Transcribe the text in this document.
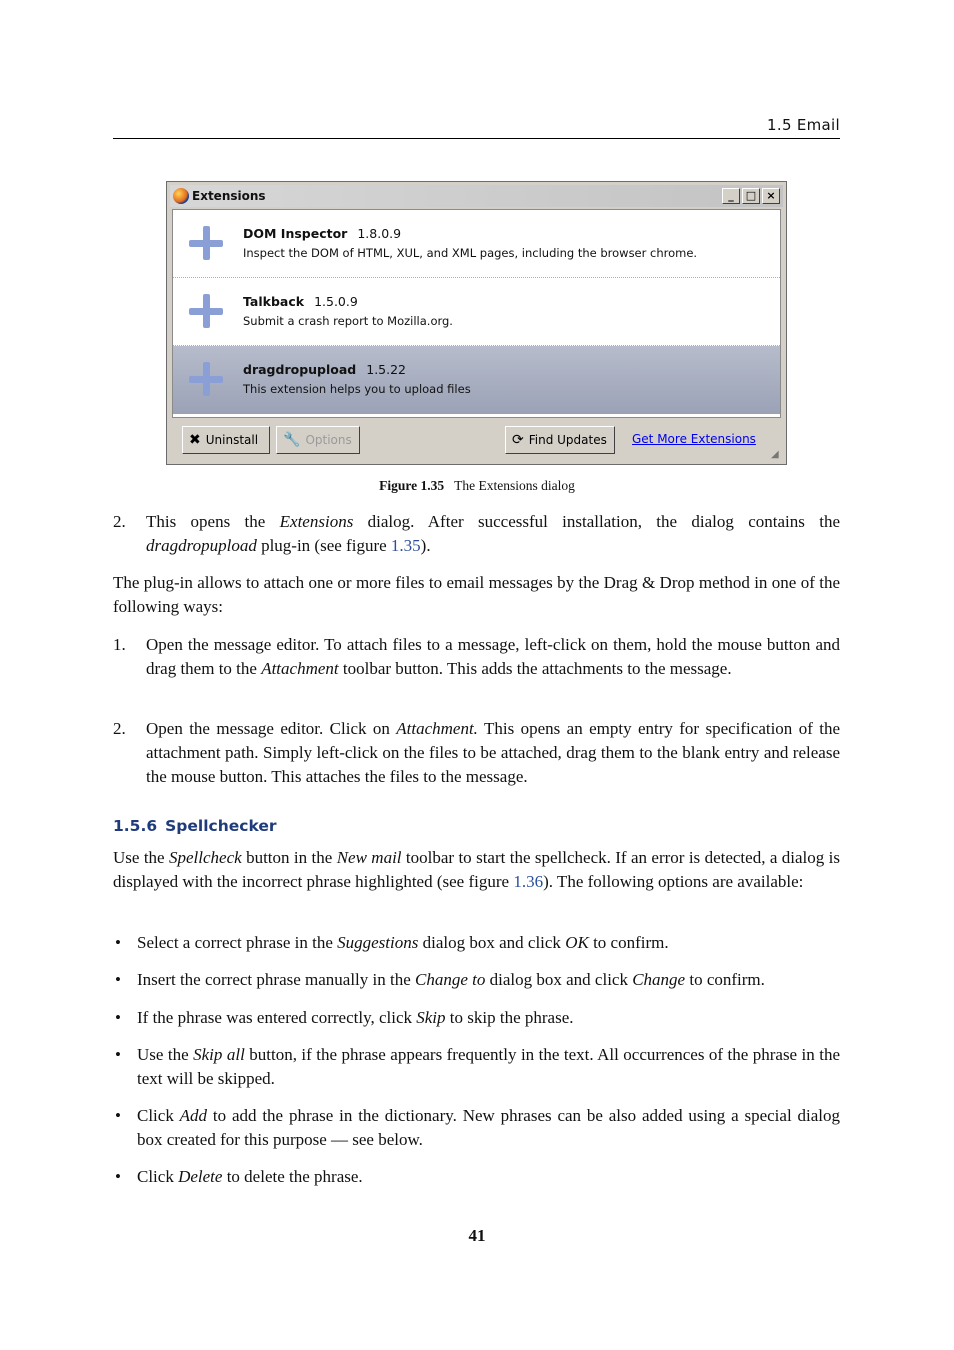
1.5 Email
Extensions	_	□ ×
DOM Inspector 1.8.0.9
Inspect the DOM of HTML, XUL, and XML pages, including the browser chrome.
Talkback 1.5.0.9
Submit a crash report to Mozilla.org.
dragdropupload 1.5.22
This extension helps you to upload files
✖ Uninstall 🔧 Options	⟳ Find Updates Get More Extensions
◢
Figure 1.35 The Extensions dialog
2. This opens the Extensions dialog. After successful installation, the dialog contains the dragdropupload plug-in (see figure 1.35).
The plug-in allows to attach one or more files to email messages by the Drag & Drop method in one of the following ways:
1. Open the message editor. To attach files to a message, left-click on them, hold the mouse button and drag them to the Attachment toolbar button. This adds the attachments to the message.
2. Open the message editor. Click on Attachment. This opens an empty entry for specification of the attachment path. Simply left-click on the files to be attached, drag them to the blank entry and release the mouse button. This attaches the files to the message.
1.5.6 Spellchecker
Use the Spellcheck button in the New mail toolbar to start the spellcheck. If an error is detected, a dialog is displayed with the incorrect phrase highlighted (see figure 1.36). The following options are available:
• Select a correct phrase in the Suggestions dialog box and click OK to confirm.
• Insert the correct phrase manually in the Change to dialog box and click Change to confirm.
• If the phrase was entered correctly, click Skip to skip the phrase.
• Use the Skip all button, if the phrase appears frequently in the text. All occurrences of the phrase in the text will be skipped.
• Click Add to add the phrase in the dictionary. New phrases can be also added using a special dialog box created for this purpose — see below.
• Click Delete to delete the phrase.
41
